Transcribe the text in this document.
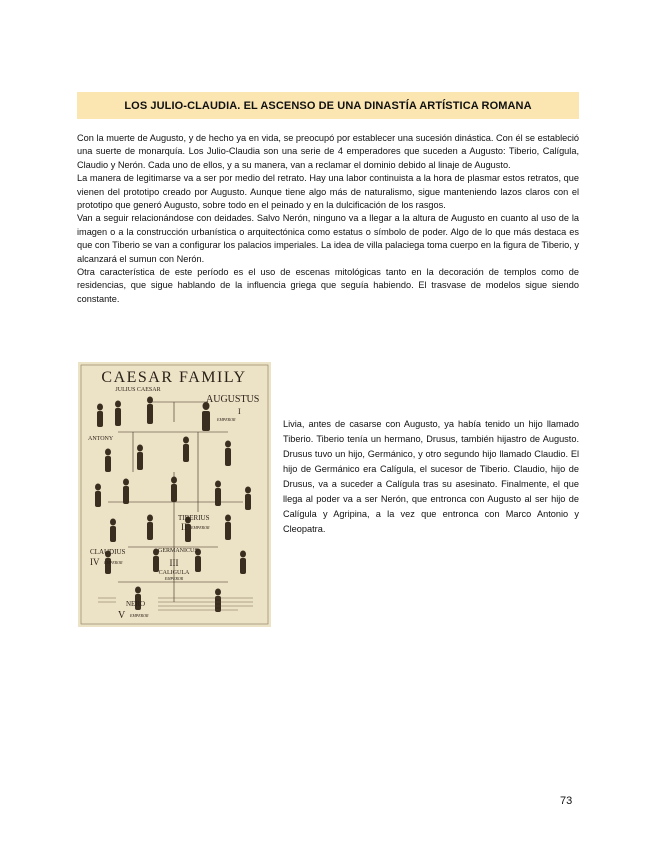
LOS JULIO-CLAUDIA. EL ASCENSO DE UNA DINASTÍA ARTÍSTICA ROMANA

Con la muerte de Augusto, y de hecho ya en vida, se preocupó por establecer una sucesión dinástica. Con él se estableció una suerte de monarquía. Los Julio-Claudia son una serie de 4 emperadores que suceden a Augusto: Tiberio, Calígula, Claudio y Nerón. Cada uno de ellos, y a su manera, van a reclamar el dominio debido al linaje de Augusto.

La manera de legitimarse va a ser por medio del retrato. Hay una labor continuista a la hora de plasmar estos retratos, que vienen del prototipo creado por Augusto. Aunque tiene algo más de naturalismo, sigue manteniendo lazos claros con el prototipo que generó Augusto, sobre todo en el peinado y en la dulcificación de los rasgos.

Van a seguir relacionándose con deidades. Salvo Nerón, ninguno va a llegar a la altura de Augusto en cuanto al uso de la imagen o a la construcción urbanística o arquitectónica como estatus o símbolo de poder. Algo de lo que más destaca es que con Tiberio se van a configurar los palacios imperiales. La idea de villa palaciega toma cuerpo en la figura de Tiberio, y alcanzará el sumun con Nerón.

Otra característica de este período es el uso de escenas mitológicas tanto en la decoración de templos como de residencias, que sigue hablando de la influencia griega que seguía habiendo. El trasvase de modelos sigue siendo constante.

CAESAR FAMILY
JULIUS CAESAR
AUGUSTUS
I
EMPEROR
ANTONY
TIBERIUS
II EMPEROR
CLAUDIUS
IV EMPEROR
GERMANICUS
III
CALIGULA
EMPEROR
NERO
V EMPEROR

Livia, antes de casarse con Augusto, ya había tenido un hijo llamado Tiberio. Tiberio tenía un hermano, Drusus, también hijastro de Augusto. Drusus tuvo un hijo, Germánico, y otro segundo hijo llamado Claudio. El hijo de Germánico era Calígula, el sucesor de Tiberio. Claudio, hijo de Drusus, va a suceder a Calígula tras su asesinato. Finalmente, el que llega al poder va a ser Nerón, que entronca con Augusto al ser hijo de Calígula y Agripina, a la vez que entronca con Marco Antonio y Cleopatra.

73
